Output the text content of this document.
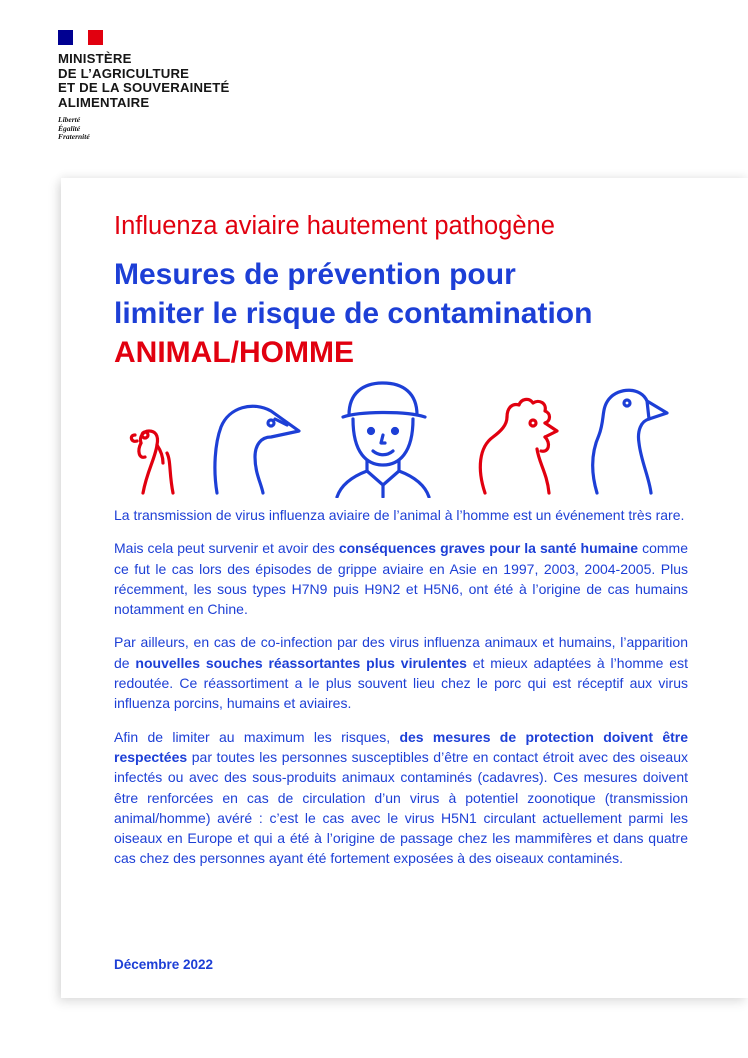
MINISTÈRE
DE L’AGRICULTURE
ET DE LA SOUVERAINETÉ
ALIMENTAIRE
Liberté
Égalité
Fraternité
Influenza aviaire hautement pathogène
Mesures de prévention pour
limiter le risque de contamination
ANIMAL/HOMME

La transmission de virus influenza aviaire de l’animal à l’homme est un événement très rare.

Mais cela peut survenir et avoir des conséquences graves pour la santé humaine comme ce fut le cas lors des épisodes de grippe aviaire en Asie en 1997, 2003, 2004-2005. Plus récemment, les sous types H7N9 puis H9N2 et H5N6, ont été à l’origine de cas humains notamment en Chine.

Par ailleurs, en cas de co-infection par des virus influenza animaux et humains, l’apparition de nouvelles souches réassortantes plus virulentes et mieux adaptées à l’homme est redoutée. Ce réassortiment a le plus souvent lieu chez le porc qui est réceptif aux virus influenza porcins, humains et aviaires.

Afin de limiter au maximum les risques, des mesures de protection doivent être respectées par toutes les personnes susceptibles d’être en contact étroit avec des oiseaux infectés ou avec des sous-produits animaux contaminés (cadavres). Ces mesures doivent être renforcées en cas de circulation d’un virus à potentiel zoonotique (transmission animal/homme) avéré : c’est le cas avec le virus H5N1 circulant actuellement parmi les oiseaux en Europe et qui a été à l’origine de passage chez les mammifères et dans quatre cas chez des personnes ayant été fortement exposées à des oiseaux contaminés.

Décembre 2022
